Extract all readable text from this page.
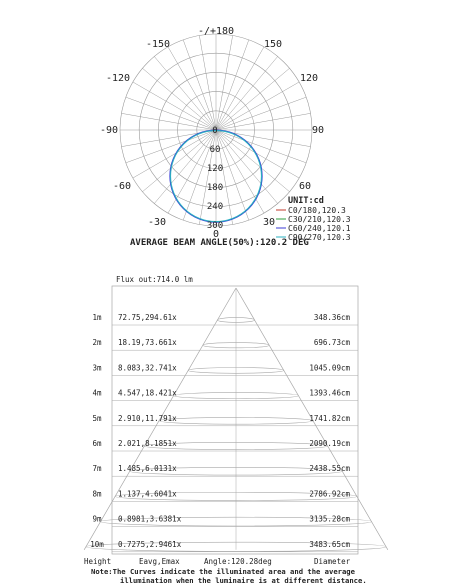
-/+180
-150	150
-120	120
-90	90
-60	60
-30	30
0
0
60
120
180
240
300
UNIT:cd
C0/180,120.3
C30/210,120.3
C60/240,120.1
C90/270,120.3
AVERAGE BEAM ANGLE(50%):120.2 DEG
1m 72.75,294.61x	348.36cm
2m 18.19,73.661x	696.73cm
3m 8.083,32.741x	1045.09cm
4m 4.547,18.421x	1393.46cm
5m 2.910,11.791x	1741.82cm
6m 2.021,8.1851x	2090.19cm
7m 1.485,6.0131x	2438.55cm
8m 1.137,4.6041x	2786.92cm
9m 0.8981,3.6381x	3135.28cm
10m 0.7275,2.9461x	3483.65cm
Flux out:714.0 lm
Height	Eavg,Emax	Angle:120.28deg	Diameter
Note:The Curves indicate the illuminated area and the average
illumination when the luminaire is at different distance.
